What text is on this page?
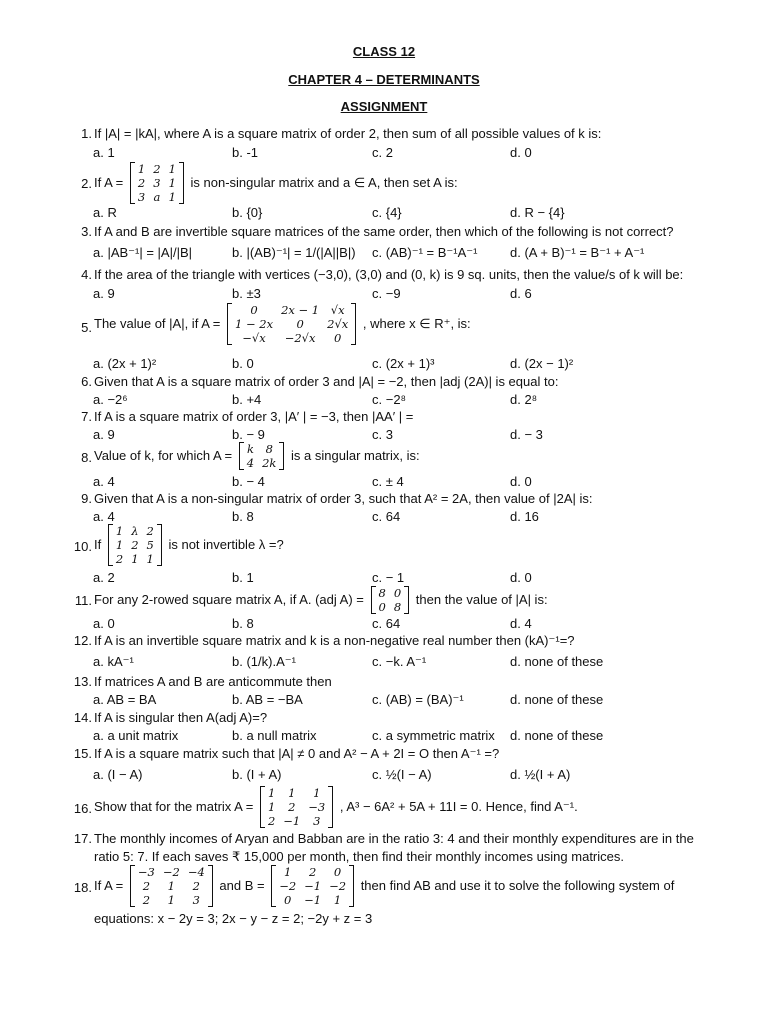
CLASS 12
CHAPTER 4 – DETERMINANTS
ASSIGNMENT
1. If |A| = |kA|, where A is a square matrix of order 2, then sum of all possible values of k is:
a. 1	b. -1	c. 2	d. 0
2. If A =
1	2	1
2	3	1
3	a	1
is non-singular matrix and a ∈ A, then set A is:
a. R	b. {0}	c. {4}	d. R − {4}
3. If A and B are invertible square matrices of the same order, then which of the following is not correct?
a. |AB⁻¹| = |A|/|B|	b. |(AB)⁻¹| = 1/(|A||B|) c. (AB)⁻¹ = B⁻¹A⁻¹	d. (A + B)⁻¹ = B⁻¹ + A⁻¹
4. If the area of the triangle with vertices (−3,0), (3,0) and (0, k) is 9 sq. units, then the value/s of k will be:
a. 9	b. ±3	c. −9	d. 6
5. The value of |A|, if A =
0	2x − 1	√x
1 − 2x	0	2√x
−√x	−2√x	0
, where x ∈ R⁺, is:
a. (2x + 1)²	b. 0	c. (2x + 1)³	d. (2x − 1)²
6. Given that A is a square matrix of order 3 and |A| = −2, then |adj (2A)| is equal to:
a. −2⁶	b. +4	c. −2⁸	d. 2⁸
7. If A is a square matrix of order 3, |A′ | = −3, then |AA′ | =
a. 9	b. − 9	c. 3	d. − 3
8. Value of k, for which A = k	8
4	2k is a singular matrix, is:
a. 4	b. − 4	c. ± 4	d. 0
9. Given that A is a non-singular matrix of order 3, such that A² = 2A, then value of |2A| is:
a. 4	b. 8	c. 64	d. 16
10. If
1	λ	2
1	2	5
2	1	1
is not invertible λ =?
a. 2	b. 1	c. − 1	d. 0
11. For any 2-rowed square matrix A, if A. (adj A) = 8	0
0	8 then the value of |A| is:
a. 0	b. 8	c. 64	d. 4
12. If A is an invertible square matrix and k is a non-negative real number then (kA)⁻¹=?
a. kA⁻¹	b. (1/k).A⁻¹	c. −k. A⁻¹	d. none of these
13. If matrices A and B are anticommute then
a. AB = BA	b. AB = −BA	c. (AB) = (BA)⁻¹	d. none of these
14. If A is singular then A(adj A)=?
a. a unit matrix	b. a null matrix	c. a symmetric matrix d. none of these
15. If A is a square matrix such that |A| ≠ 0 and A² − A + 2I = O then A⁻¹ =?
a. (I − A)	b. (I + A)	c. ½(I − A)	d. ½(I + A)
16. Show that for the matrix A =
1	1	1
1	2	−3
2	−1	3
, A³ − 6A² + 5A + 11I = 0. Hence, find A⁻¹.
17. The monthly incomes of Aryan and Babban are in the ratio 3: 4 and their monthly expenditures are in the
ratio 5: 7. If each saves ₹ 15,000 per month, then find their monthly incomes using matrices.
18. If A =
−3	−2	−4
2	1	2
2	1	3
and B =
1	2	0
−2	−1	−2
0	−1	1
then find AB and use it to solve the following system of
equations: x − 2y = 3; 2x − y − z = 2; −2y + z = 3
